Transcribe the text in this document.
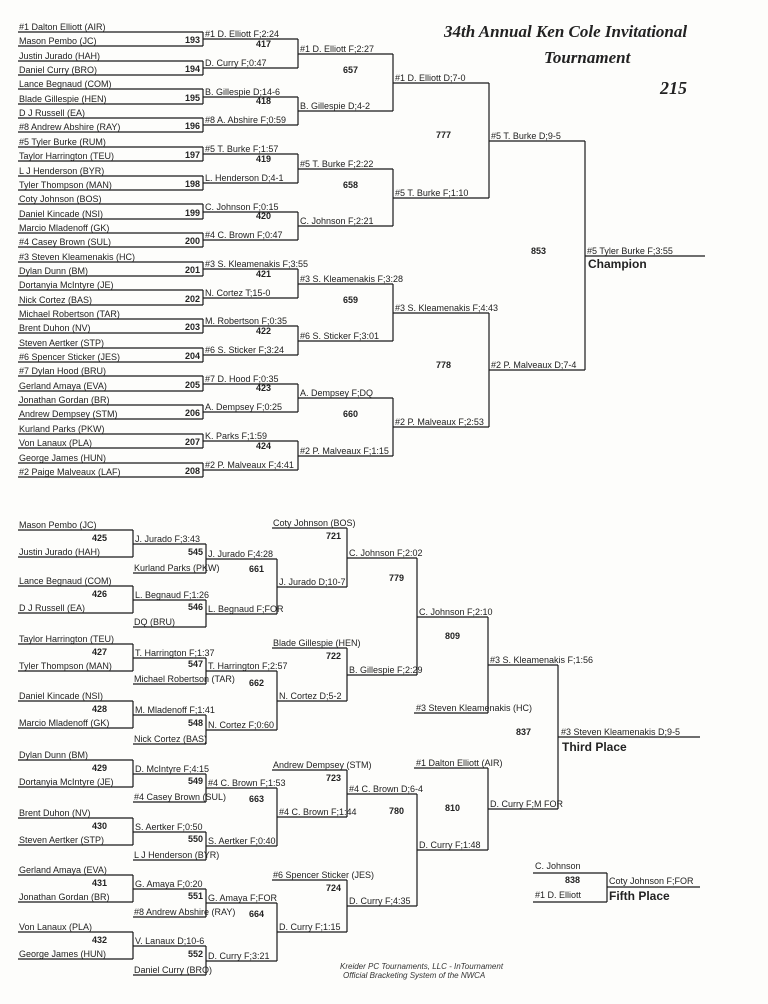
#1 Dalton Elliott (AIR)
Mason Pembo (JC)
Justin Jurado (HAH)
Daniel Curry (BRO)
Lance Begnaud (COM)
Blade Gillespie (HEN)
D J Russell (EA)
#8 Andrew Abshire (RAY)
#5 Tyler Burke (RUM)
Taylor Harrington (TEU)
L J Henderson (BYR)
Tyler Thompson (MAN)
Coty Johnson (BOS)
Daniel Kincade (NSI)
Marcio Mladenoff (GK)
#4 Casey Brown (SUL)
#3 Steven Kleamenakis (HC)
Dylan Dunn (BM)
Dortanyia McIntyre (JE)
Nick Cortez (BAS)
Michael Robertson (TAR)
Brent Duhon (NV)
Steven Aertker (STP)
#6 Spencer Sticker (JES)
#7 Dylan Hood (BRU)
Gerland Amaya (EVA)
Jonathan Gordan (BR)
Andrew Dempsey (STM)
Kurland Parks (PKW)
Von Lanaux (PLA)
George James (HUN)
#2 Paige Malveaux (LAF)
#1 D. Elliott F;2:24
193
D. Curry F;0:47
194
B. Gillespie D;14-6
195
#8 A. Abshire F;0:59
196
#5 T. Burke F;1:57
197
L. Henderson D;4-1
198
C. Johnson F;0:15
199
#4 C. Brown F;0:47
200
#3 S. Kleamenakis F;3:55
201
N. Cortez T;15-0
202
M. Robertson F;0:35
203
#6 S. Sticker F;3:24
204
#7 D. Hood F;0:35
205
A. Dempsey F;0:25
206
K. Parks F;1:59
207
#2 P. Malveaux F;4:41
208
#1 D. Elliott F;2:27
417
B. Gillespie D;4-2
418
#5 T. Burke F;2:22
419
C. Johnson F;2:21
420
#3 S. Kleamenakis F;3:28
421
#6 S. Sticker F;3:01
422
A. Dempsey F;DQ
423
#2 P. Malveaux F;1:15
424
#1 D. Elliott D;7-0
657
#5 T. Burke F;1:10
658
#3 S. Kleamenakis F;4:43
659
#2 P. Malveaux F;2:53
660
#5 T. Burke D;9-5
777
#2 P. Malveaux D;7-4
778
#5 Tyler Burke F;3:55
853
Champion
Mason Pembo (JC)
Justin Jurado (HAH)
J. Jurado F;3:43
425
Lance Begnaud (COM)
D J Russell (EA)
L. Begnaud F;1:26
426
Taylor Harrington (TEU)
Tyler Thompson (MAN)
T. Harrington F;1:37
427
Daniel Kincade (NSI)
Marcio Mladenoff (GK)
M. Mladenoff F;1:41
428
Dylan Dunn (BM)
Dortanyia McIntyre (JE)
D. McIntyre F;4:15
429
Brent Duhon (NV)
Steven Aertker (STP)
S. Aertker F;0:50
430
Gerland Amaya (EVA)
Jonathan Gordan (BR)
G. Amaya F;0:20
431
Von Lanaux (PLA)
George James (HUN)
V. Lanaux D;10-6
432
Kurland Parks (PKW)
J. Jurado F;4:28
545
DQ (BRU)
L. Begnaud F;FOR
546
Michael Robertson (TAR)
T. Harrington F;2:57
547
Nick Cortez (BAS)
N. Cortez F;0:60
548
#4 Casey Brown (SUL)
#4 C. Brown F;1:53
549
L J Henderson (BYR)
S. Aertker F;0:40
550
#8 Andrew Abshire (RAY)
G. Amaya F;FOR
551
Daniel Curry (BRO)
D. Curry F;3:21
552
J. Jurado D;10-7
661
N. Cortez D;5-2
662
#4 C. Brown F;1:44
663
D. Curry F;1:15
664
Coty Johnson (BOS)
C. Johnson F;2:02
721
Blade Gillespie (HEN)
B. Gillespie F;2:29
722
Andrew Dempsey (STM)
#4 C. Brown D;6-4
723
#6 Spencer Sticker (JES)
D. Curry F;4:35
724
C. Johnson F;2:10
779
D. Curry F;1:48
780
#3 Steven Kleamenakis (HC)
#3 S. Kleamenakis F;1:56
809
#1 Dalton Elliott (AIR)
D. Curry F;M FOR
810
#3 Steven Kleamenakis D;9-5
837
Third Place
C. Johnson
#1 D. Elliott
Coty Johnson F;FOR
838
Fifth Place
34th Annual Ken Cole Invitational
Tournament
215
Kreider PC Tournaments, LLC - InTournament
Official Bracketing System of the NWCA
